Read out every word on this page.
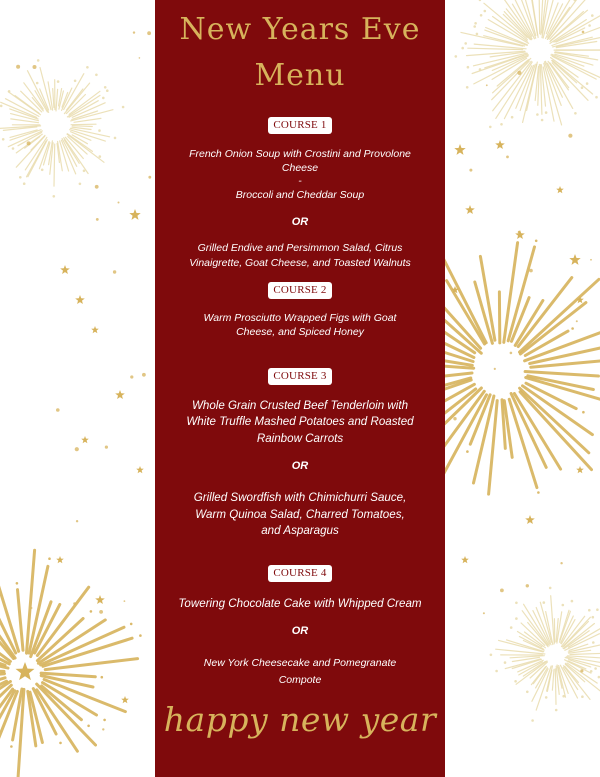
New Years Eve
Menu
COURSE 1
French Onion Soup with Crostini and Provolone
Cheese
-
Broccoli and Cheddar Soup
OR
Grilled Endive and Persimmon Salad, Citrus
Vinaigrette, Goat Cheese, and Toasted Walnuts
COURSE 2
Warm Prosciutto Wrapped Figs with Goat
Cheese, and Spiced Honey
COURSE 3
Whole Grain Crusted Beef Tenderloin with
White Truffle Mashed Potatoes and Roasted
Rainbow Carrots
OR
Grilled Swordfish with Chimichurri Sauce,
Warm Quinoa Salad, Charred Tomatoes,
and Asparagus
COURSE 4
Towering Chocolate Cake with Whipped Cream
OR
New York Cheesecake and Pomegranate
Compote
happy new year
